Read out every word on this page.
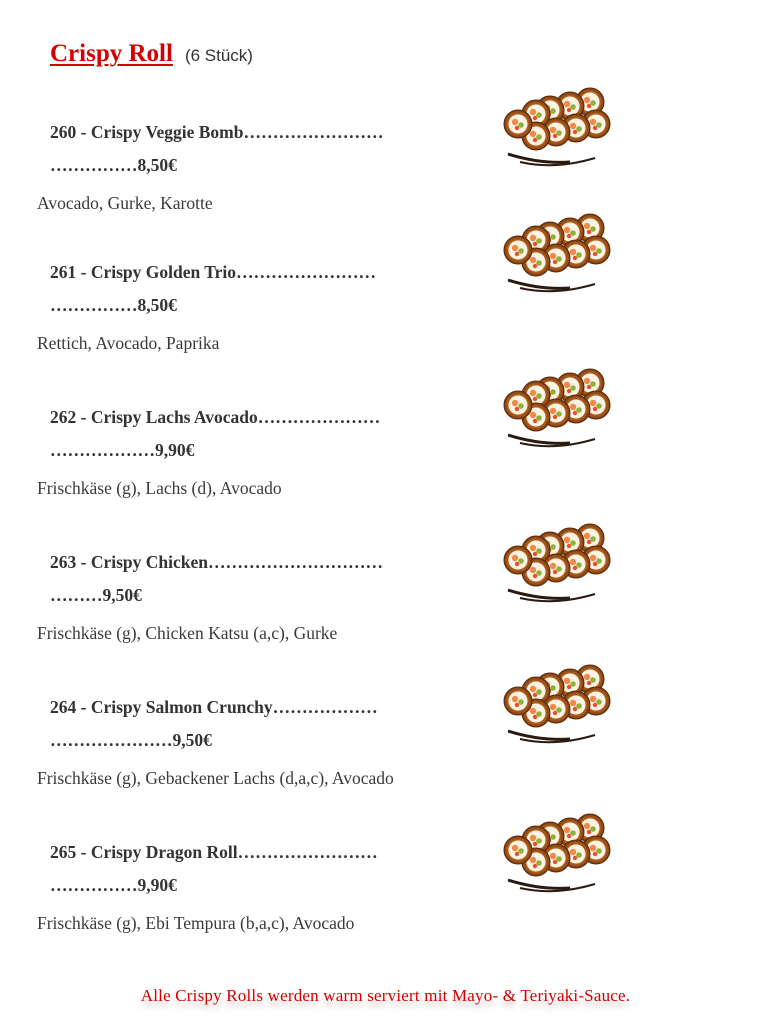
Crispy Roll (6 Stück)
260 - Crispy Veggie Bomb……………………
……………8,50€
Avocado, Gurke, Karotte
261 - Crispy Golden Trio……………………
……………8,50€
Rettich, Avocado, Paprika
262 - Crispy Lachs Avocado…………………
………………9,90€
Frischkäse (g), Lachs (d), Avocado
263 - Crispy Chicken…………………………
………9,50€
Frischkäse (g), Chicken Katsu (a,c), Gurke
264 - Crispy Salmon Crunchy………………
…………………9,50€
Frischkäse (g), Gebackener Lachs (d,a,c), Avocado
265 - Crispy Dragon Roll……………………
……………9,90€
Frischkäse (g), Ebi Tempura (b,a,c), Avocado
Alle Crispy Rolls werden warm serviert mit Mayo- & Teriyaki-Sauce.
